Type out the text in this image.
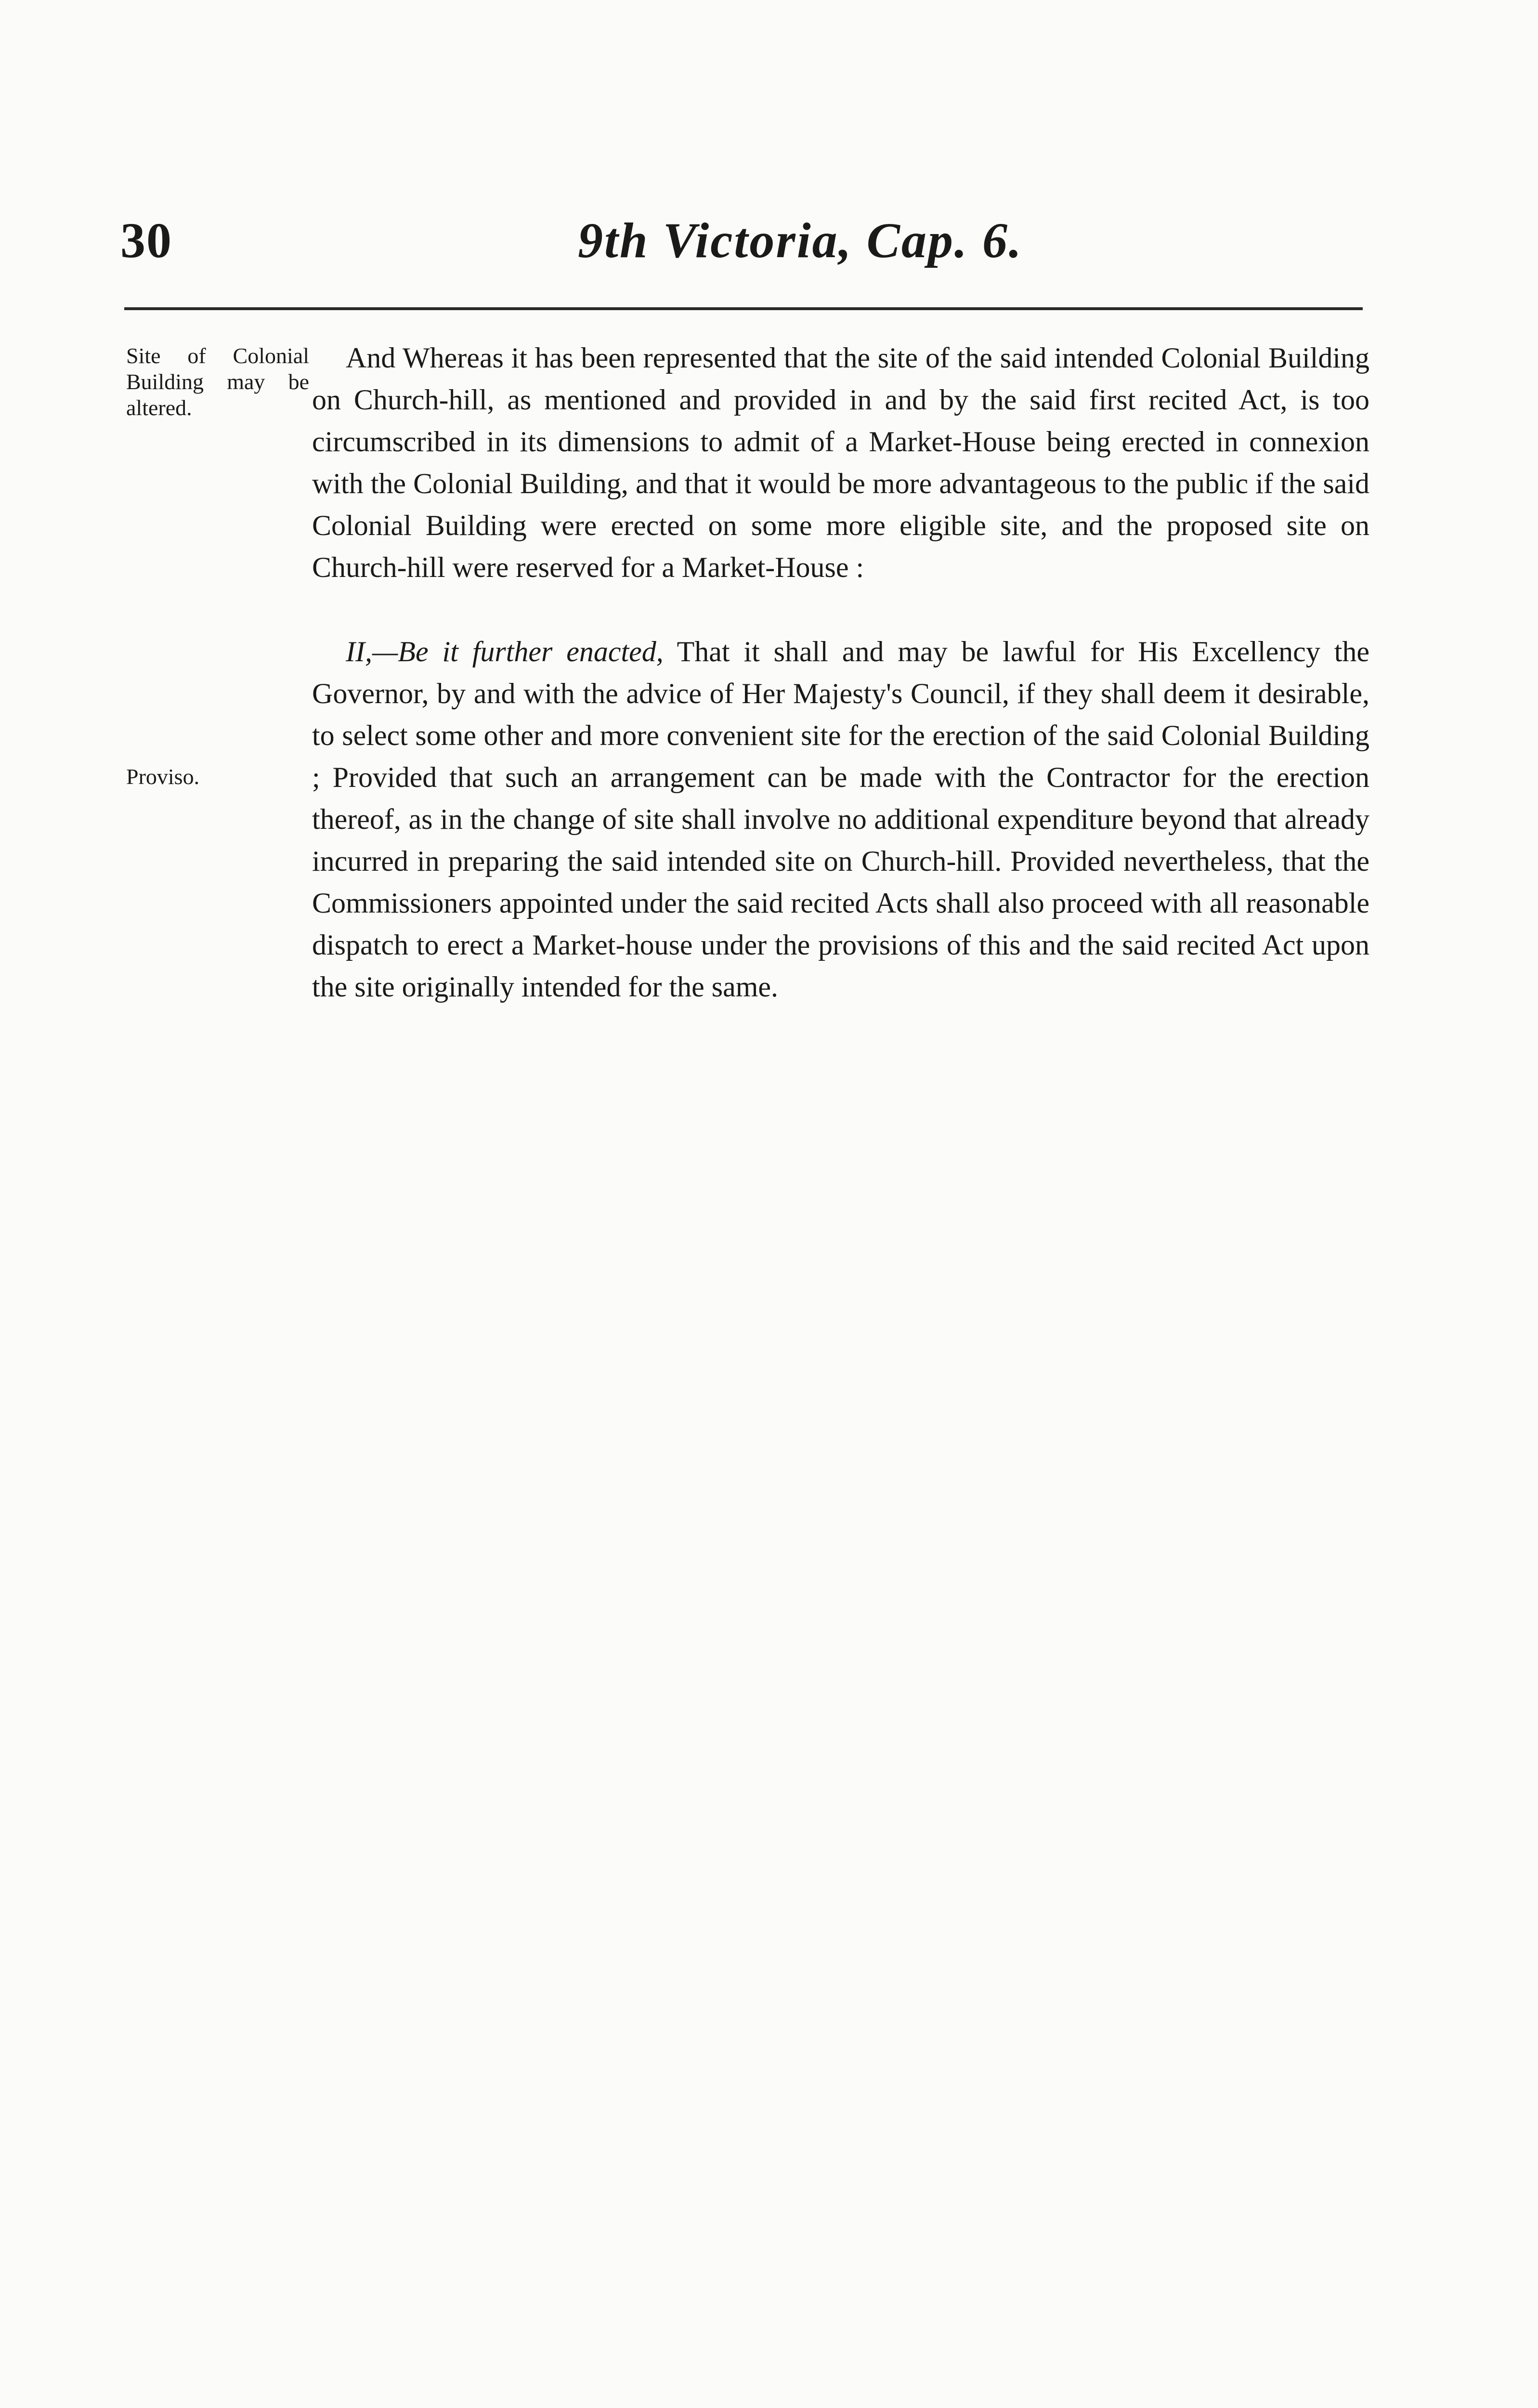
30	9th Victoria, Cap. 6.
Site of Colonial Building may be altered.
Proviso.

And Whereas it has been represented that the site of the said intended Colonial Building on Church-hill, as mentioned and provided in and by the said first recited Act, is too circumscribed in its dimensions to admit of a Market-House being erected in connexion with the Colonial Building, and that it would be more advantageous to the public if the said Colonial Building were erected on some more eligible site, and the proposed site on Church-hill were reserved for a Market-House :

II,—Be it further enacted, That it shall and may be lawful for His Excellency the Governor, by and with the advice of Her Majesty's Council, if they shall deem it desirable, to select some other and more convenient site for the erection of the said Colonial Building ; Provided that such an arrangement can be made with the Contractor for the erection thereof, as in the change of site shall involve no additional expenditure beyond that already incurred in preparing the said intended site on Church-hill. Provided nevertheless, that the Commissioners appointed under the said recited Acts shall also proceed with all reasonable dispatch to erect a Market-house under the provisions of this and the said recited Act upon the site originally intended for the same.
